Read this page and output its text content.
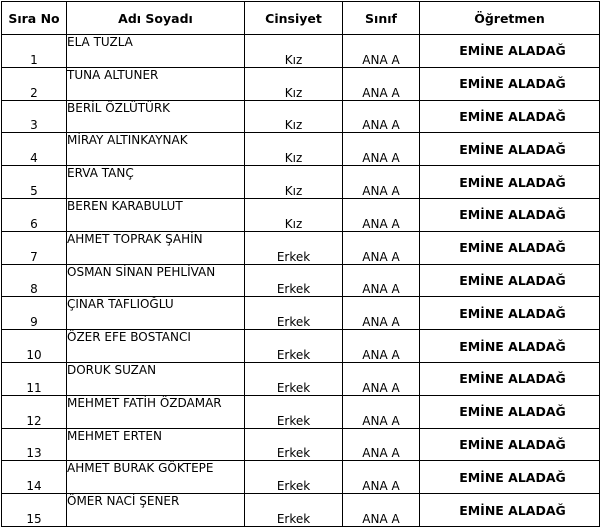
Sıra No	Adı Soyadı	Cinsiyet	Sınıf	Öğretmen
1	ELA TUZLA	Kız	ANA A	EMİNE ALADAĞ
2	TUNA ALTUNER	Kız	ANA A	EMİNE ALADAĞ
3	BERİL ÖZLÜTÜRK	Kız	ANA A	EMİNE ALADAĞ
4	MİRAY ALTINKAYNAK	Kız	ANA A	EMİNE ALADAĞ
5	ERVA TANÇ	Kız	ANA A	EMİNE ALADAĞ
6	BEREN KARABULUT	Kız	ANA A	EMİNE ALADAĞ
7	AHMET TOPRAK ŞAHİN	Erkek	ANA A	EMİNE ALADAĞ
8	OSMAN SİNAN PEHLİVAN	Erkek	ANA A	EMİNE ALADAĞ
9	ÇINAR TAFLIOĞLU	Erkek	ANA A	EMİNE ALADAĞ
10	ÖZER EFE BOSTANCI	Erkek	ANA A	EMİNE ALADAĞ
11	DORUK SUZAN	Erkek	ANA A	EMİNE ALADAĞ
12	MEHMET FATİH ÖZDAMAR	Erkek	ANA A	EMİNE ALADAĞ
13	MEHMET ERTEN	Erkek	ANA A	EMİNE ALADAĞ
14	AHMET BURAK GÖKTEPE	Erkek	ANA A	EMİNE ALADAĞ
15	ÖMER NACİ ŞENER	Erkek	ANA A	EMİNE ALADAĞ
